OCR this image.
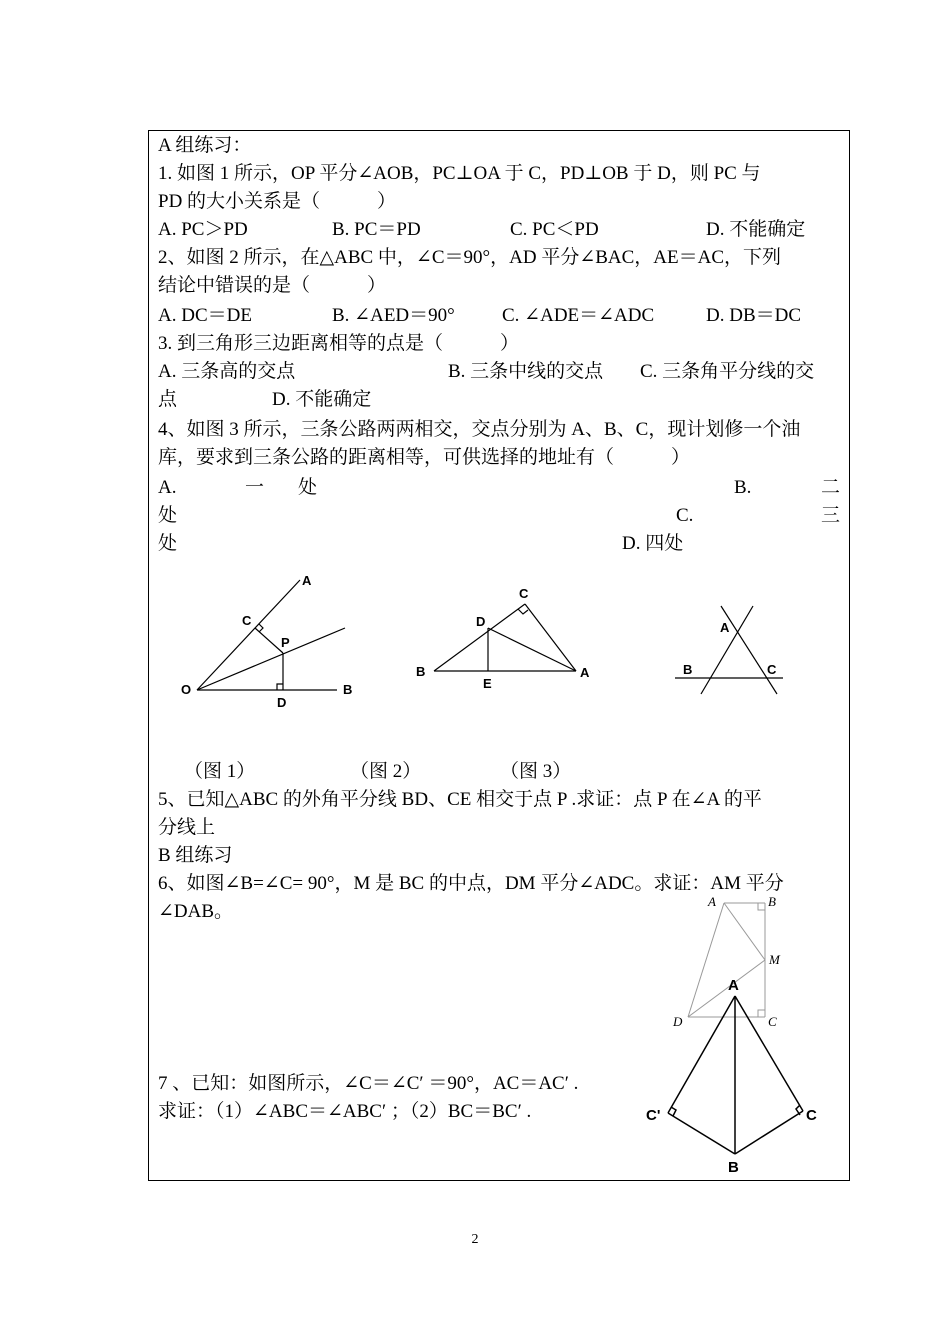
A 组练习：
1. 如图 1 所示，OP 平分∠AOB，PC⊥OA 于 C，PD⊥OB 于 D，则 PC 与
PD 的大小关系是（　　　）
A. PC＞PD	B. PC＝PD	C. PC＜PD	D. 不能确定
2、如图 2 所示，在△ABC 中，∠C＝90°，AD 平分∠BAC，AE＝AC，下列
结论中错误的是（　　　）
A. DC＝DE	B. ∠AED＝90° C. ∠ADE＝∠ADC	D. DB＝DC
3. 到三角形三边距离相等的点是（　　　）
A. 三条高的交点	B. 三条中线的交点 C. 三条角平分线的交
点	D. 不能确定
4、如图 3 所示，三条公路两两相交，交点分别为 A、B、C，现计划修一个油
库，要求到三条公路的距离相等，可供选择的地址有（　　　）
A.	一 处	B.	二
处	C.	三
处	D. 四处
A
C
P
O
D
B
C
D
B
E
A
A
B	C
（图 1）	（图 2）	（图 3）
5、已知△ABC 的外角平分线 BD、CE 相交于点 P .求证：点 P 在∠A 的平
分线上
B 组练习
6、如图∠B=∠C= 90°，M 是 BC 的中点，DM 平分∠ADC。求证：AM 平分
∠DAB。	A	B
M
D	C
7 、已知：如图所示，∠C＝∠C′ ＝90°，AC＝AC′ .
求证：（1）∠ABC＝∠ABC′ ；（2）BC＝BC′ .
A
C'	C
B
2
